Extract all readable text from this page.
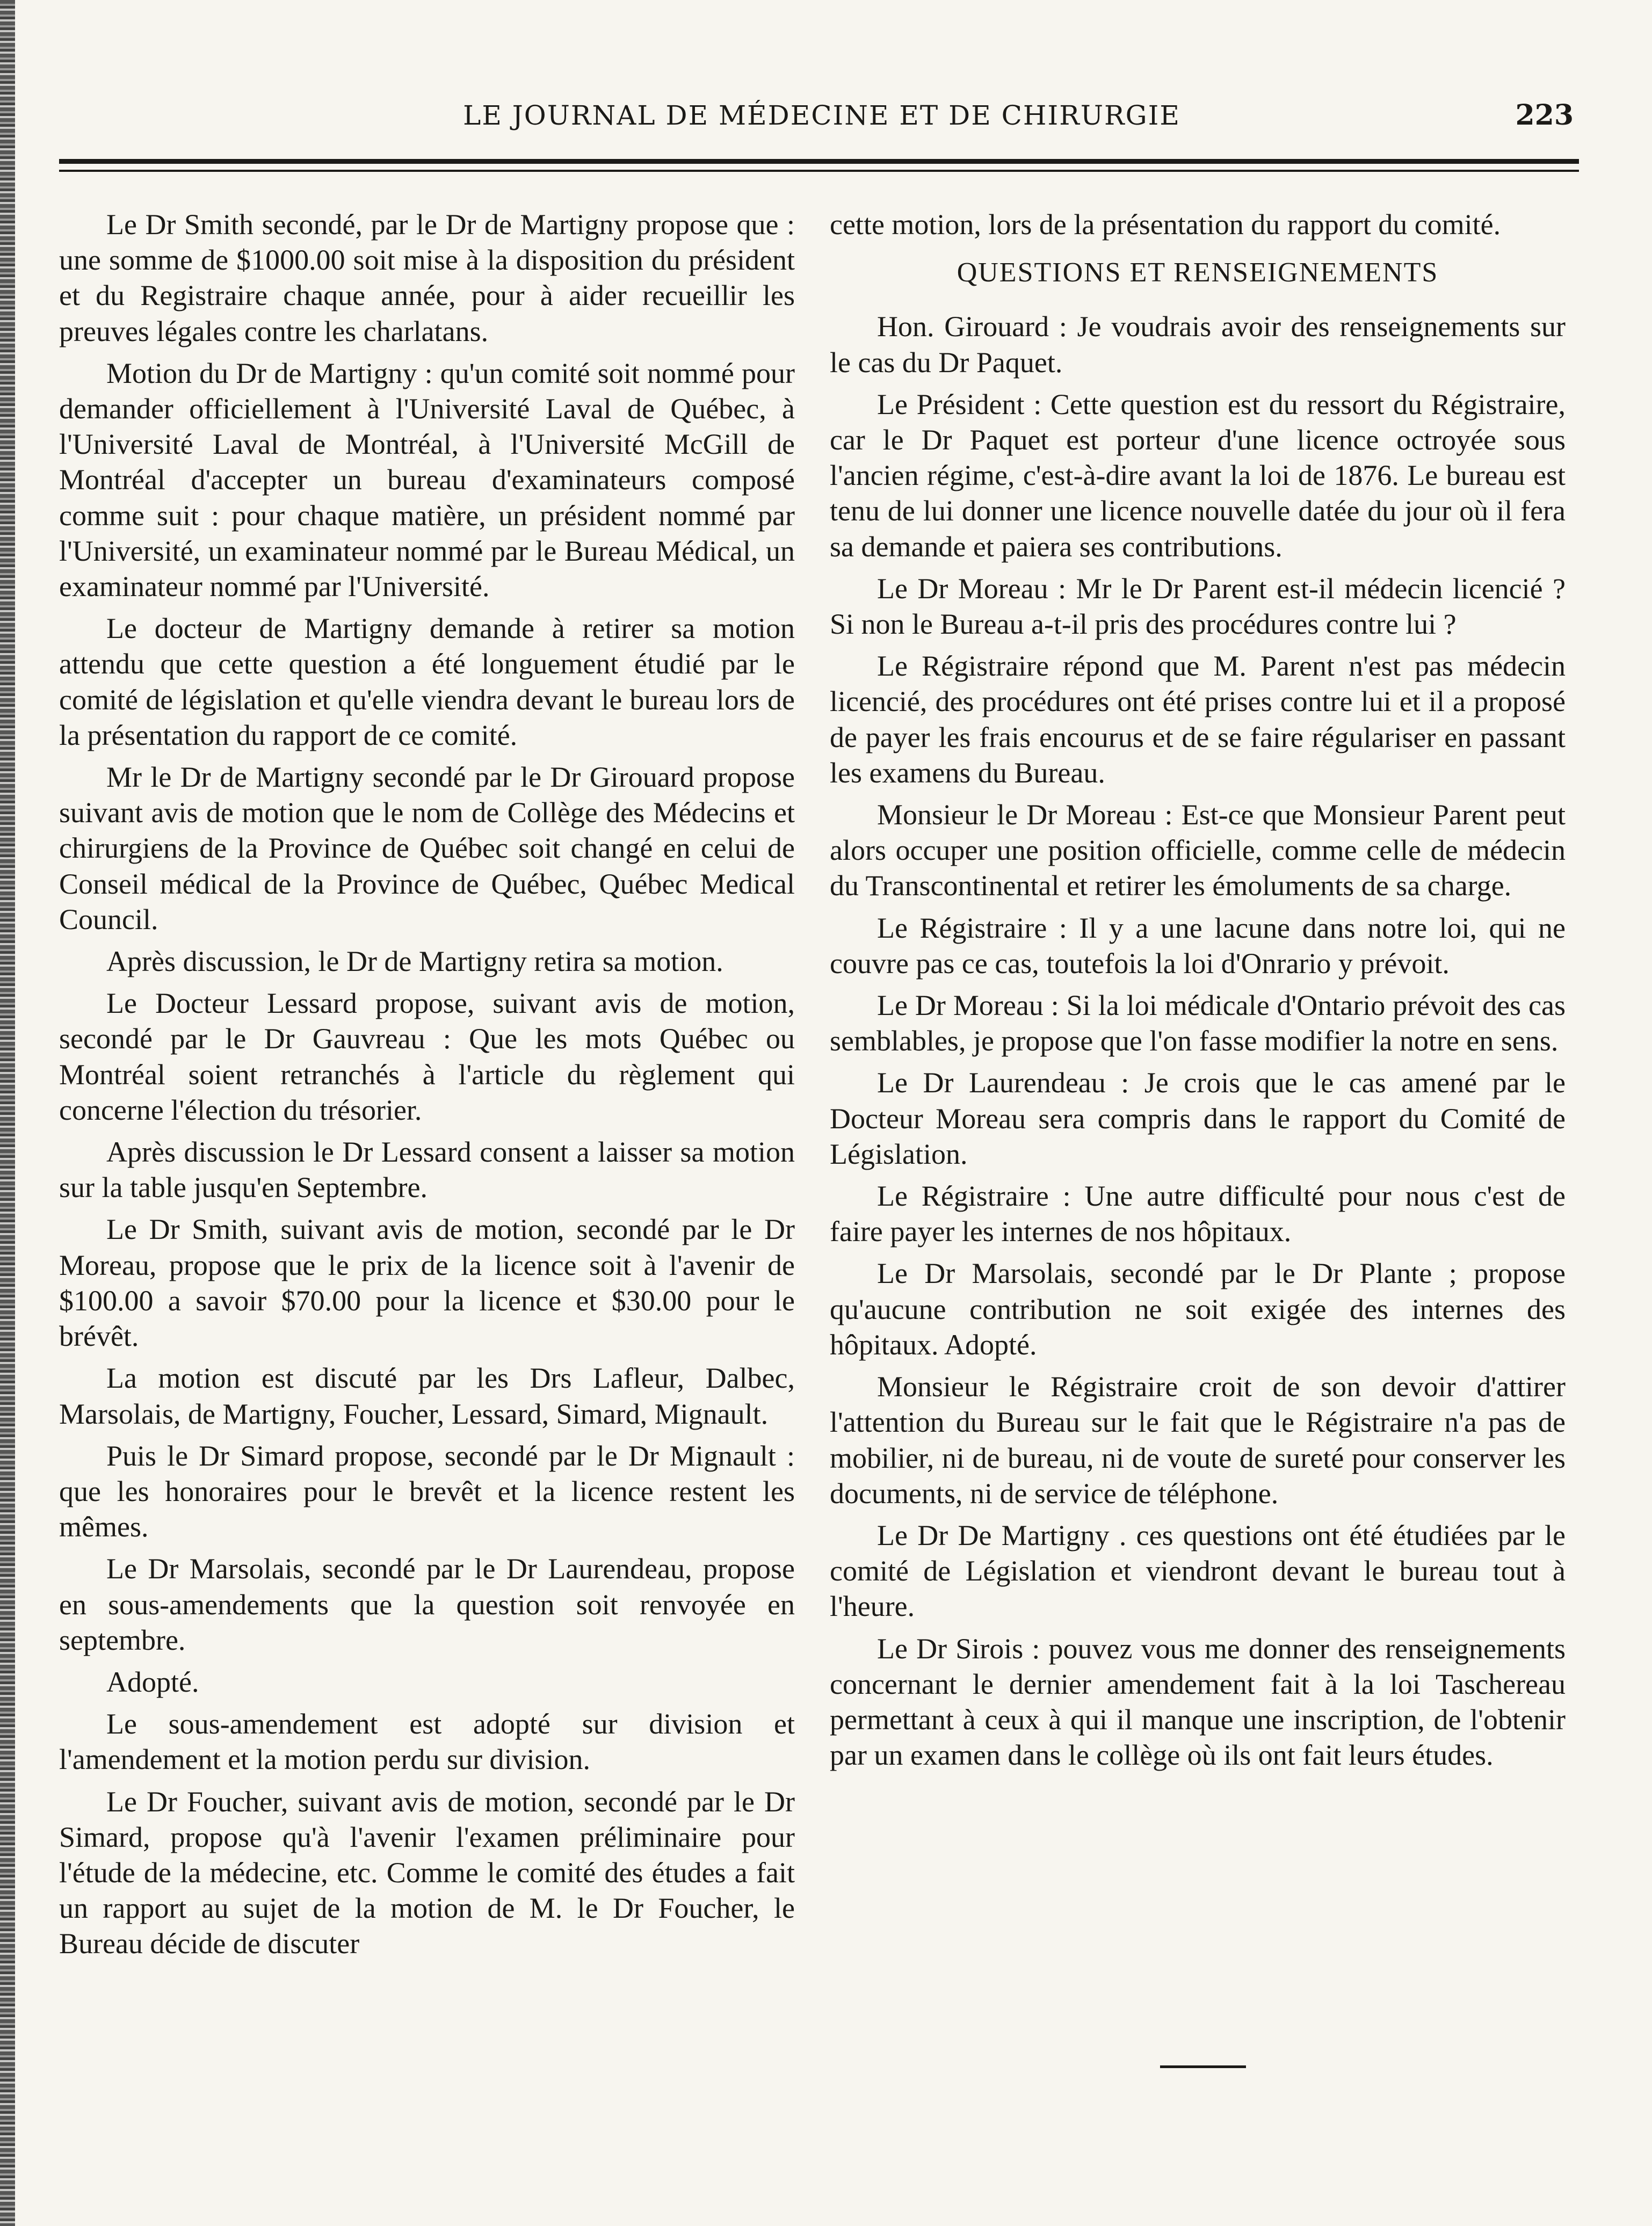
LE JOURNAL DE MÉDECINE ET DE CHIRURGIE	223

Le Dr Smith secondé, par le Dr de Martigny propose que : une somme de $1000.00 soit mise à la disposition du président et du Registraire chaque année, pour à aider recueillir les preuves légales contre les charlatans.

Motion du Dr de Martigny : qu'un comité soit nommé pour demander officiellement à l'Université Laval de Québec, à l'Université Laval de Montréal, à l'Université McGill de Montréal d'accepter un bureau d'examinateurs composé comme suit : pour chaque matière, un président nommé par l'Université, un examinateur nommé par le Bureau Médical, un examinateur nommé par l'Université.

Le docteur de Martigny demande à retirer sa motion attendu que cette question a été longuement étudié par le comité de législation et qu'elle viendra devant le bureau lors de la présentation du rapport de ce comité.

Mr le Dr de Martigny secondé par le Dr Girouard propose suivant avis de motion que le nom de Collège des Médecins et chirurgiens de la Province de Québec soit changé en celui de Conseil médical de la Province de Québec, Québec Medical Council.

Après discussion, le Dr de Martigny retira sa motion.

Le Docteur Lessard propose, suivant avis de motion, secondé par le Dr Gauvreau : Que les mots Québec ou Montréal soient retranchés à l'article du règlement qui concerne l'élection du trésorier.

Après discussion le Dr Lessard consent a laisser sa motion sur la table jusqu'en Septembre.

Le Dr Smith, suivant avis de motion, secondé par le Dr Moreau, propose que le prix de la licence soit à l'avenir de $100.00 a savoir $70.00 pour la licence et $30.00 pour le brévêt.

La motion est discuté par les Drs Lafleur, Dalbec, Marsolais, de Martigny, Foucher, Lessard, Simard, Mignault.

Puis le Dr Simard propose, secondé par le Dr Mignault : que les honoraires pour le brevêt et la licence restent les mêmes.

Le Dr Marsolais, secondé par le Dr Laurendeau, propose en sous-amendements que la question soit renvoyée en septembre.

Adopté.

Le sous-amendement est adopté sur division et l'amendement et la motion perdu sur division.

Le Dr Foucher, suivant avis de motion, secondé par le Dr Simard, propose qu'à l'avenir l'examen préliminaire pour l'étude de la médecine, etc. Comme le comité des études a fait un rapport au sujet de la motion de M. le Dr Foucher, le Bureau décide de discuter

cette motion, lors de la présentation du rapport du comité.

QUESTIONS ET RENSEIGNEMENTS

Hon. Girouard : Je voudrais avoir des renseignements sur le cas du Dr Paquet.

Le Président : Cette question est du ressort du Régistraire, car le Dr Paquet est porteur d'une licence octroyée sous l'ancien régime, c'est-à-dire avant la loi de 1876. Le bureau est tenu de lui donner une licence nouvelle datée du jour où il fera sa demande et paiera ses contributions.

Le Dr Moreau : Mr le Dr Parent est-il médecin licencié ? Si non le Bureau a-t-il pris des procédures contre lui ?

Le Régistraire répond que M. Parent n'est pas médecin licencié, des procédures ont été prises contre lui et il a proposé de payer les frais encourus et de se faire régulariser en passant les examens du Bureau.

Monsieur le Dr Moreau : Est-ce que Monsieur Parent peut alors occuper une position officielle, comme celle de médecin du Transcontinental et retirer les émoluments de sa charge.

Le Régistraire : Il y a une lacune dans notre loi, qui ne couvre pas ce cas, toutefois la loi d'Onrario y prévoit.

Le Dr Moreau : Si la loi médicale d'Ontario prévoit des cas semblables, je propose que l'on fasse modifier la notre en sens.

Le Dr Laurendeau : Je crois que le cas amené par le Docteur Moreau sera compris dans le rapport du Comité de Législation.

Le Régistraire : Une autre difficulté pour nous c'est de faire payer les internes de nos hôpitaux.

Le Dr Marsolais, secondé par le Dr Plante ; propose qu'aucune contribution ne soit exigée des internes des hôpitaux. Adopté.

Monsieur le Régistraire croit de son devoir d'attirer l'attention du Bureau sur le fait que le Régistraire n'a pas de mobilier, ni de bureau, ni de voute de sureté pour conserver les documents, ni de service de téléphone.

Le Dr De Martigny . ces questions ont été étudiées par le comité de Législation et viendront devant le bureau tout à l'heure.

Le Dr Sirois : pouvez vous me donner des renseignements concernant le dernier amendement fait à la loi Taschereau permettant à ceux à qui il manque une inscription, de l'obtenir par un examen dans le collège où ils ont fait leurs études.
